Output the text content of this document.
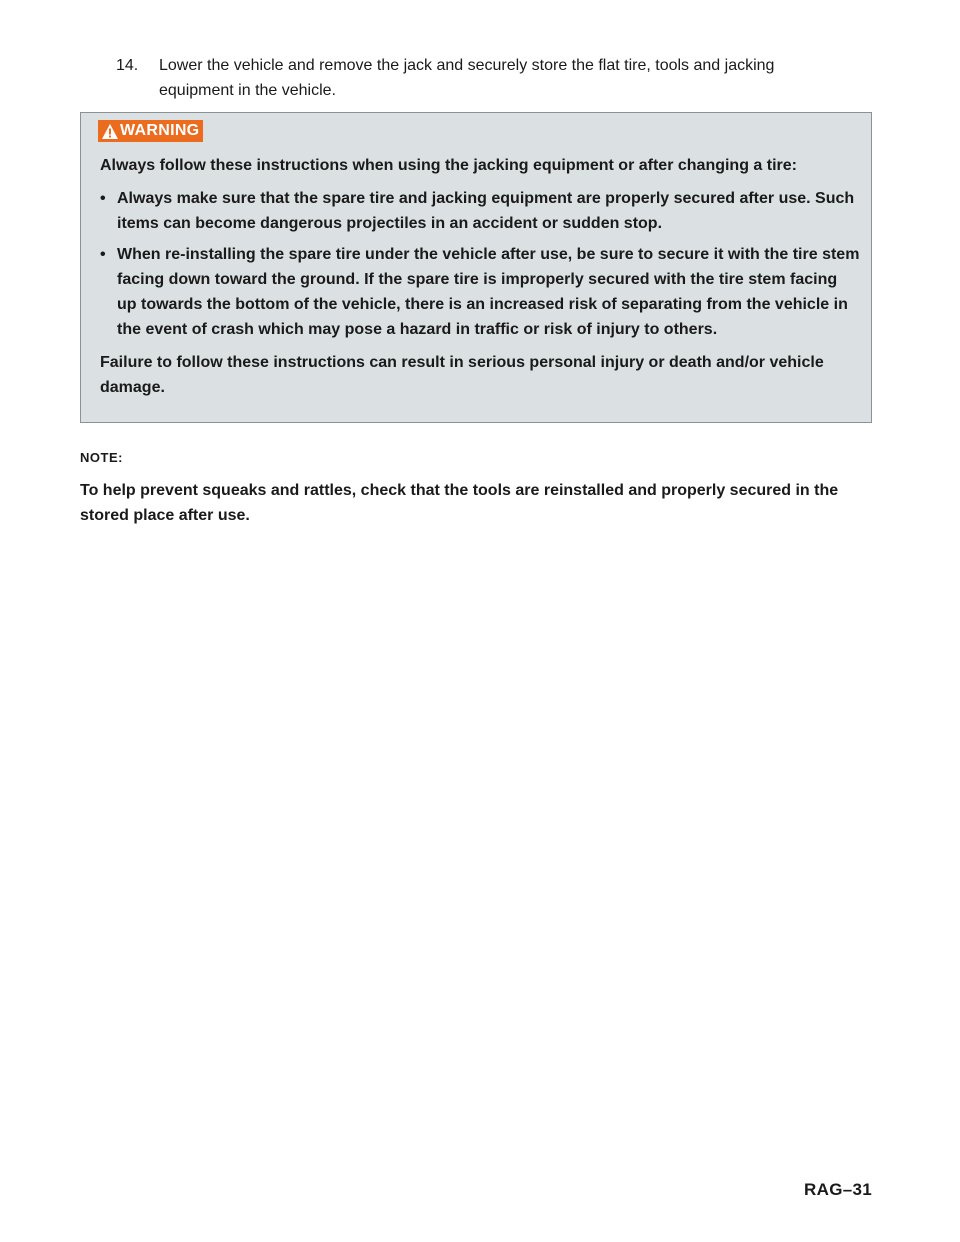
14. Lower the vehicle and remove the jack and securely store the flat tire, tools and jacking equipment in the vehicle.
WARNING

Always follow these instructions when using the jacking equipment or after changing a tire:

• Always make sure that the spare tire and jacking equipment are properly secured after use. Such items can become dangerous projectiles in an accident or sudden stop.
• When re-installing the spare tire under the vehicle after use, be sure to secure it with the tire stem facing down toward the ground. If the spare tire is improperly secured with the tire stem facing up towards the bottom of the vehicle, there is an increased risk of separating from the vehicle in the event of crash which may pose a hazard in traffic or risk of injury to others.

Failure to follow these instructions can result in serious personal injury or death and/or vehicle damage.

NOTE:

To help prevent squeaks and rattles, check that the tools are reinstalled and properly secured in the stored place after use.

RAG–31
